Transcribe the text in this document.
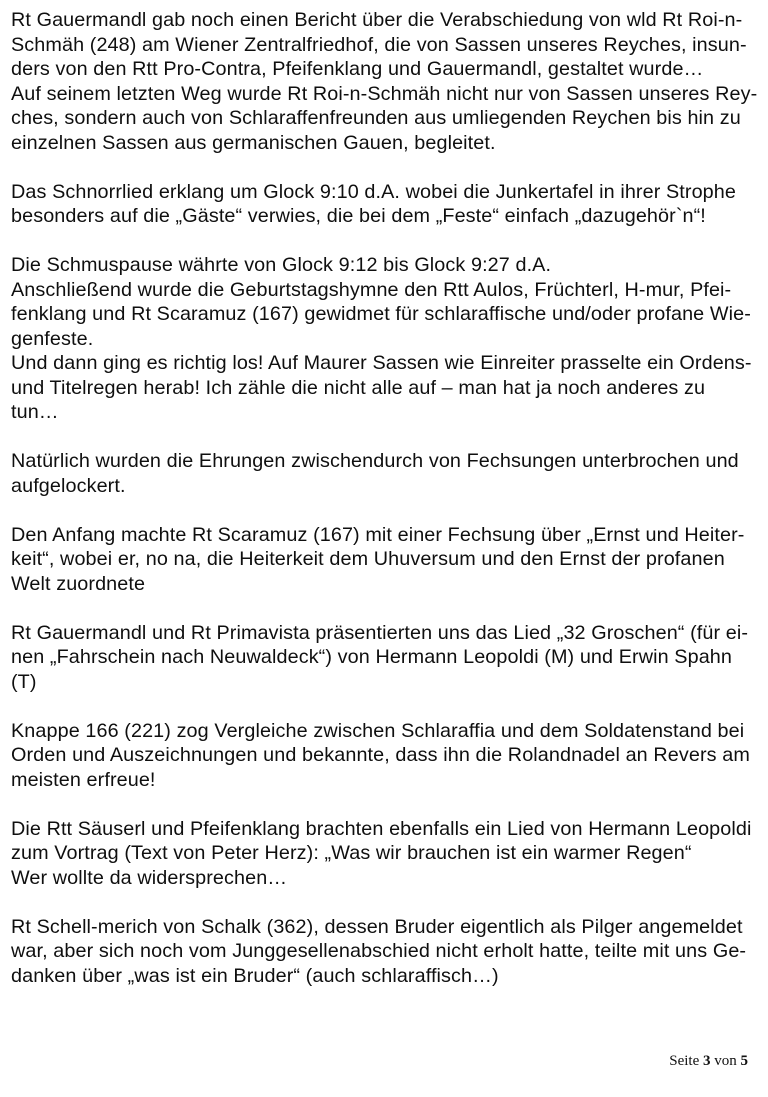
Rt Gauermandl gab noch einen Bericht über die Verabschiedung von wld Rt Roi-n-
Schmäh (248) am Wiener Zentralfriedhof, die von Sassen unseres Reyches, insun-
ders von den Rtt Pro-Contra, Pfeifenklang und Gauermandl, gestaltet wurde…
Auf seinem letzten Weg wurde Rt Roi-n-Schmäh nicht nur von Sassen unseres Rey-
ches, sondern auch von Schlaraffenfreunden aus umliegenden Reychen bis hin zu
einzelnen Sassen aus germanischen Gauen, begleitet.
Das Schnorrlied erklang um Glock 9:10 d.A. wobei die Junkertafel in ihrer Strophe
besonders auf die „Gäste“ verwies, die bei dem „Feste“ einfach „dazugehör`n“!
Die Schmuspause währte von Glock 9:12 bis Glock 9:27 d.A.
Anschließend wurde die Geburtstagshymne den Rtt Aulos, Früchterl, H-mur, Pfei-
fenklang und Rt Scaramuz (167) gewidmet für schlaraffische und/oder profane Wie-
genfeste.
Und dann ging es richtig los! Auf Maurer Sassen wie Einreiter prasselte ein Ordens-
und Titelregen herab! Ich zähle die nicht alle auf – man hat ja noch anderes zu
tun…
Natürlich wurden die Ehrungen zwischendurch von Fechsungen unterbrochen und
aufgelockert.
Den Anfang machte Rt Scaramuz (167) mit einer Fechsung über „Ernst und Heiter-
keit“, wobei er, no na, die Heiterkeit dem Uhuversum und den Ernst der profanen
Welt zuordnete
Rt Gauermandl und Rt Primavista präsentierten uns das Lied „32 Groschen“ (für ei-
nen „Fahrschein nach Neuwaldeck“) von Hermann Leopoldi (M) und Erwin Spahn
(T)
Knappe 166 (221) zog Vergleiche zwischen Schlaraffia und dem Soldatenstand bei
Orden und Auszeichnungen und bekannte, dass ihn die Rolandnadel an Revers am
meisten erfreue!
Die Rtt Säuserl und Pfeifenklang brachten ebenfalls ein Lied von Hermann Leopoldi
zum Vortrag (Text von Peter Herz): „Was wir brauchen ist ein warmer Regen“
Wer wollte da widersprechen…
Rt Schell-merich von Schalk (362), dessen Bruder eigentlich als Pilger angemeldet
war, aber sich noch vom Junggesellenabschied nicht erholt hatte, teilte mit uns Ge-
danken über „was ist ein Bruder“ (auch schlaraffisch…)
Seite 3 von 5
